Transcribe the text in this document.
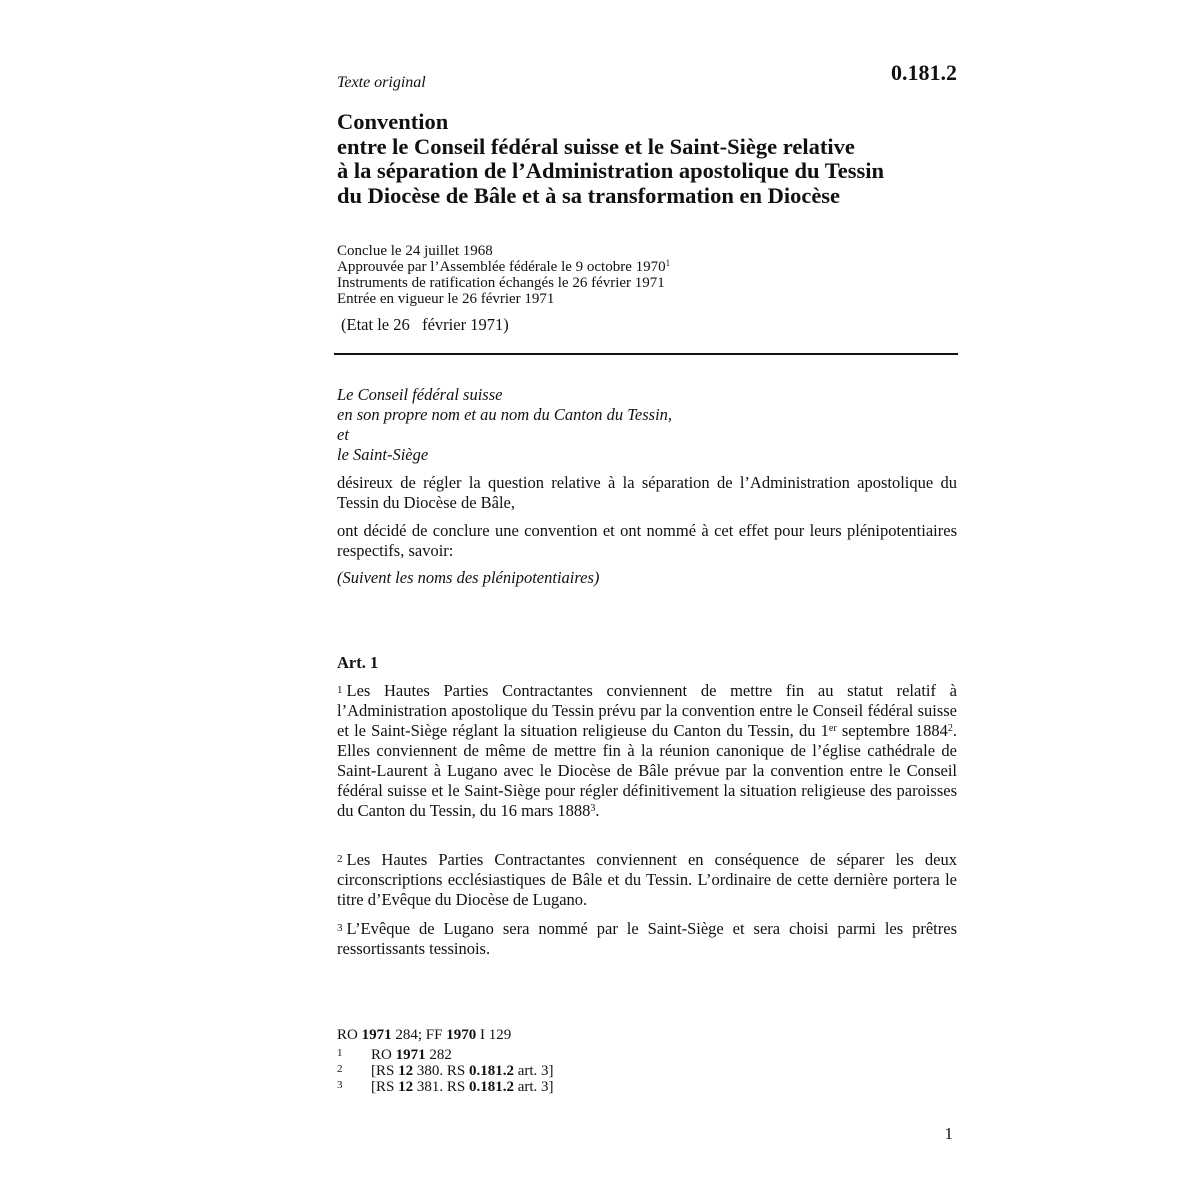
Texte original	0.181.2
Convention
entre le Conseil fédéral suisse et le Saint-Siège relative
à la séparation de l’Administration apostolique du Tessin
du Diocèse de Bâle et à sa transformation en Diocèse
Conclue le 24 juillet 1968
Approuvée par l’Assemblée fédérale le 9 octobre 1970$^1$
Instruments de ratification échangés le 26 février 1971
Entrée en vigueur le 26 février 1971
(Etat le 26   février 1971)
Le Conseil fédéral suisse
en son propre nom et au nom du Canton du Tessin,
et
le Saint-Siège

désireux de régler la question relative à la séparation de l’Administration apostolique du Tessin du Diocèse de Bâle,

ont décidé de conclure une convention et ont nommé à cet effet pour leurs plénipotentiaires respectifs, savoir:

(Suivent les noms des plénipotentiaires)

Art. 1

1 Les Hautes Parties Contractantes conviennent de mettre fin au statut relatif à l’Administration apostolique du Tessin prévu par la convention entre le Conseil fédéral suisse et le Saint-Siège réglant la situation religieuse du Canton du Tessin, du 1er septembre 1884$^2$. Elles conviennent de même de mettre fin à la réunion canonique de l’église cathédrale de Saint-Laurent à Lugano avec le Diocèse de Bâle prévue par la convention entre le Conseil fédéral suisse et le Saint-Siège pour régler définitivement la situation religieuse des paroisses du Canton du Tessin, du 16 mars 1888$^3$.

2 Les Hautes Parties Contractantes conviennent en conséquence de séparer les deux circonscriptions ecclésiastiques de Bâle et du Tessin. L’ordinaire de cette dernière portera le titre d’Evêque du Diocèse de Lugano.

3 L’Evêque de Lugano sera nommé par le Saint-Siège et sera choisi parmi les prêtres ressortissants tessinois.

RO 1971 284; FF 1970 I 129
1 RO 1971 282
2 [RS 12 380. RS 0.181.2 art. 3]
3 [RS 12 381. RS 0.181.2 art. 3]
1
